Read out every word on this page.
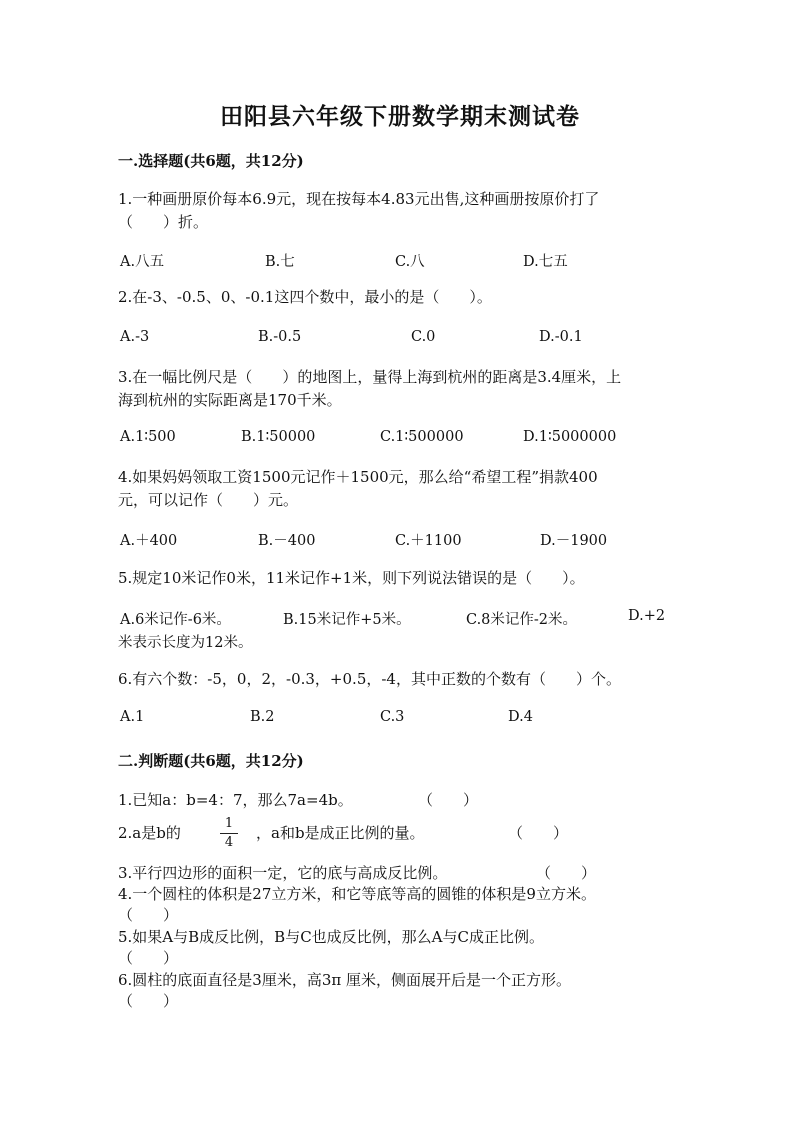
田阳县六年级下册数学期末测试卷
一.选择题(共6题，共12分)
1.一种画册原价每本6.9元，现在按每本4.83元出售,这种画册按原价打了
（　　）折。
A.八五	B.七	C.八	D.七五
2.在-3、-0.5、0、-0.1这四个数中，最小的是（　　）。
A.-3	B.-0.5	C.0	D.-0.1
3.在一幅比例尺是（　　）的地图上，量得上海到杭州的距离是3.4厘米，上
海到杭州的实际距离是170千米。
A.1∶500	B.1∶50000	C.1∶500000	D.1∶5000000
4.如果妈妈领取工资1500元记作＋1500元，那么给“希望工程”捐款400
元，可以记作（　　）元。
A.＋400	B.－400	C.＋1100	D.－1900
5.规定10米记作0米，11米记作+1米，则下列说法错误的是（　　）。
A.6米记作-6米。	B.15米记作+5米。	C.8米记作-2米。	D.+2
米表示长度为12米。
6.有六个数：-5，0，2，-0.3，+0.5，-4，其中正数的个数有（　　）个。
A.1	B.2	C.3	D.4
二.判断题(共6题，共12分)
1.已知a：b=4：7，那么7a=4b。	（　　）
2.a是b的
1
4
，a和b是成正比例的量。	（　　）
3.平行四边形的面积一定，它的底与高成反比例。	（　　）
4.一个圆柱的体积是27立方米，和它等底等高的圆锥的体积是9立方米。
（　　）
5.如果A与B成反比例，B与C也成反比例，那么A与C成正比例。
（　　）
6.圆柱的底面直径是3厘米，高3π 厘米，侧面展开后是一个正方形。
（　　）
